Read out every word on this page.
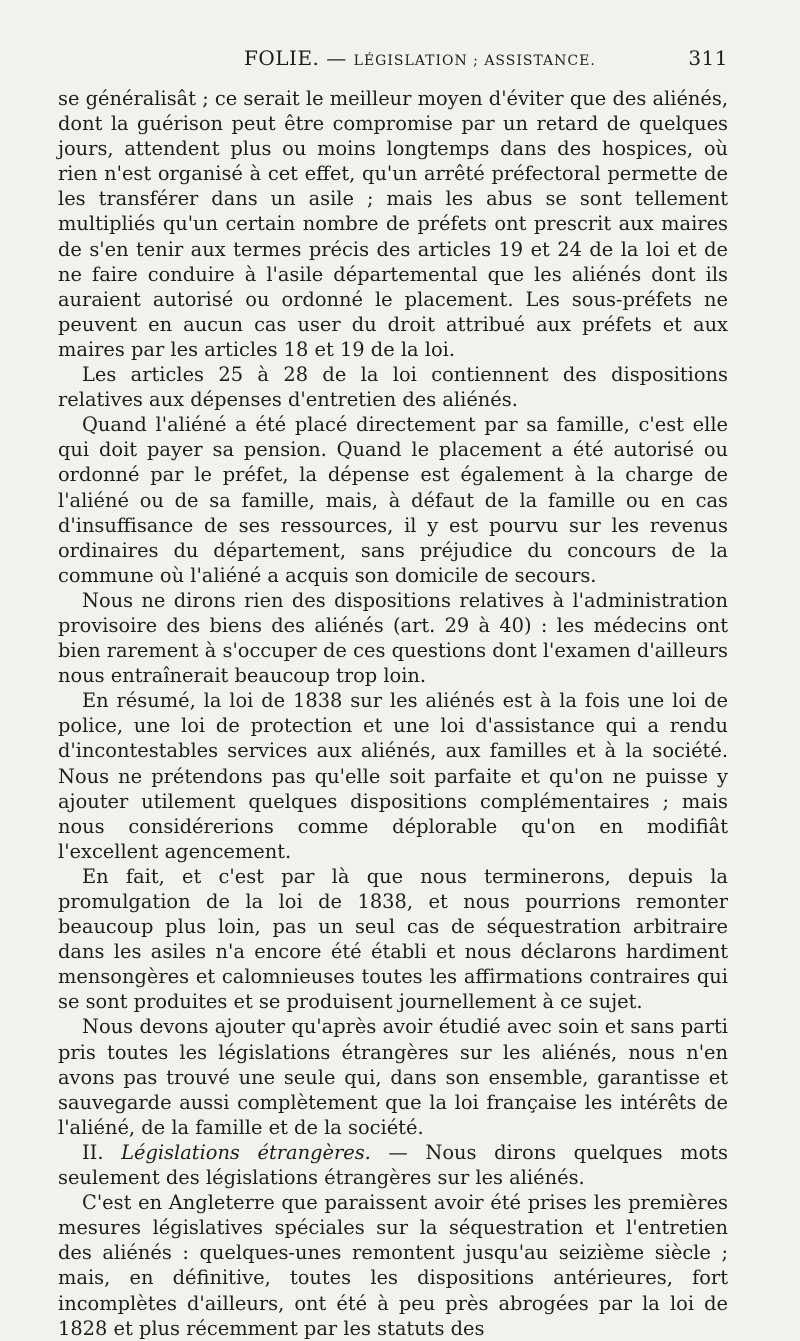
FOLIE. — LÉGISLATION ; ASSISTANCE.	311

se généralisât ; ce serait le meilleur moyen d'éviter que des aliénés, dont la guérison peut être compromise par un retard de quelques jours, attendent plus ou moins longtemps dans des hospices, où rien n'est organisé à cet effet, qu'un arrêté préfectoral permette de les transférer dans un asile ; mais les abus se sont tellement multipliés qu'un certain nombre de préfets ont prescrit aux maires de s'en tenir aux termes précis des articles 19 et 24 de la loi et de ne faire conduire à l'asile départemental que les aliénés dont ils auraient autorisé ou ordonné le placement. Les sous-préfets ne peuvent en aucun cas user du droit attribué aux préfets et aux maires par les articles 18 et 19 de la loi.

Les articles 25 à 28 de la loi contiennent des dispositions relatives aux dépenses d'entretien des aliénés.

Quand l'aliéné a été placé directement par sa famille, c'est elle qui doit payer sa pension. Quand le placement a été autorisé ou ordonné par le préfet, la dépense est également à la charge de l'aliéné ou de sa famille, mais, à défaut de la famille ou en cas d'insuffisance de ses ressources, il y est pourvu sur les revenus ordinaires du département, sans préjudice du concours de la commune où l'aliéné a acquis son domicile de secours.

Nous ne dirons rien des dispositions relatives à l'administration provisoire des biens des aliénés (art. 29 à 40) : les médecins ont bien rarement à s'occuper de ces questions dont l'examen d'ailleurs nous entraînerait beaucoup trop loin.

En résumé, la loi de 1838 sur les aliénés est à la fois une loi de police, une loi de protection et une loi d'assistance qui a rendu d'incontestables services aux aliénés, aux familles et à la société. Nous ne prétendons pas qu'elle soit parfaite et qu'on ne puisse y ajouter utilement quelques dispositions complémentaires ; mais nous considérerions comme déplorable qu'on en modifiât l'excellent agencement.

En fait, et c'est par là que nous terminerons, depuis la promulgation de la loi de 1838, et nous pourrions remonter beaucoup plus loin, pas un seul cas de séquestration arbitraire dans les asiles n'a encore été établi et nous déclarons hardiment mensongères et calomnieuses toutes les affirmations contraires qui se sont produites et se produisent journellement à ce sujet.

Nous devons ajouter qu'après avoir étudié avec soin et sans parti pris toutes les législations étrangères sur les aliénés, nous n'en avons pas trouvé une seule qui, dans son ensemble, garantisse et sauvegarde aussi complètement que la loi française les intérêts de l'aliéné, de la famille et de la société.

II. Législations étrangères. — Nous dirons quelques mots seulement des législations étrangères sur les aliénés.

C'est en Angleterre que paraissent avoir été prises les premières mesures législatives spéciales sur la séquestration et l'entretien des aliénés : quelques-unes remontent jusqu'au seizième siècle ; mais, en définitive, toutes les dispositions antérieures, fort incomplètes d'ailleurs, ont été à peu près abrogées par la loi de 1828 et plus récemment par les statuts des
